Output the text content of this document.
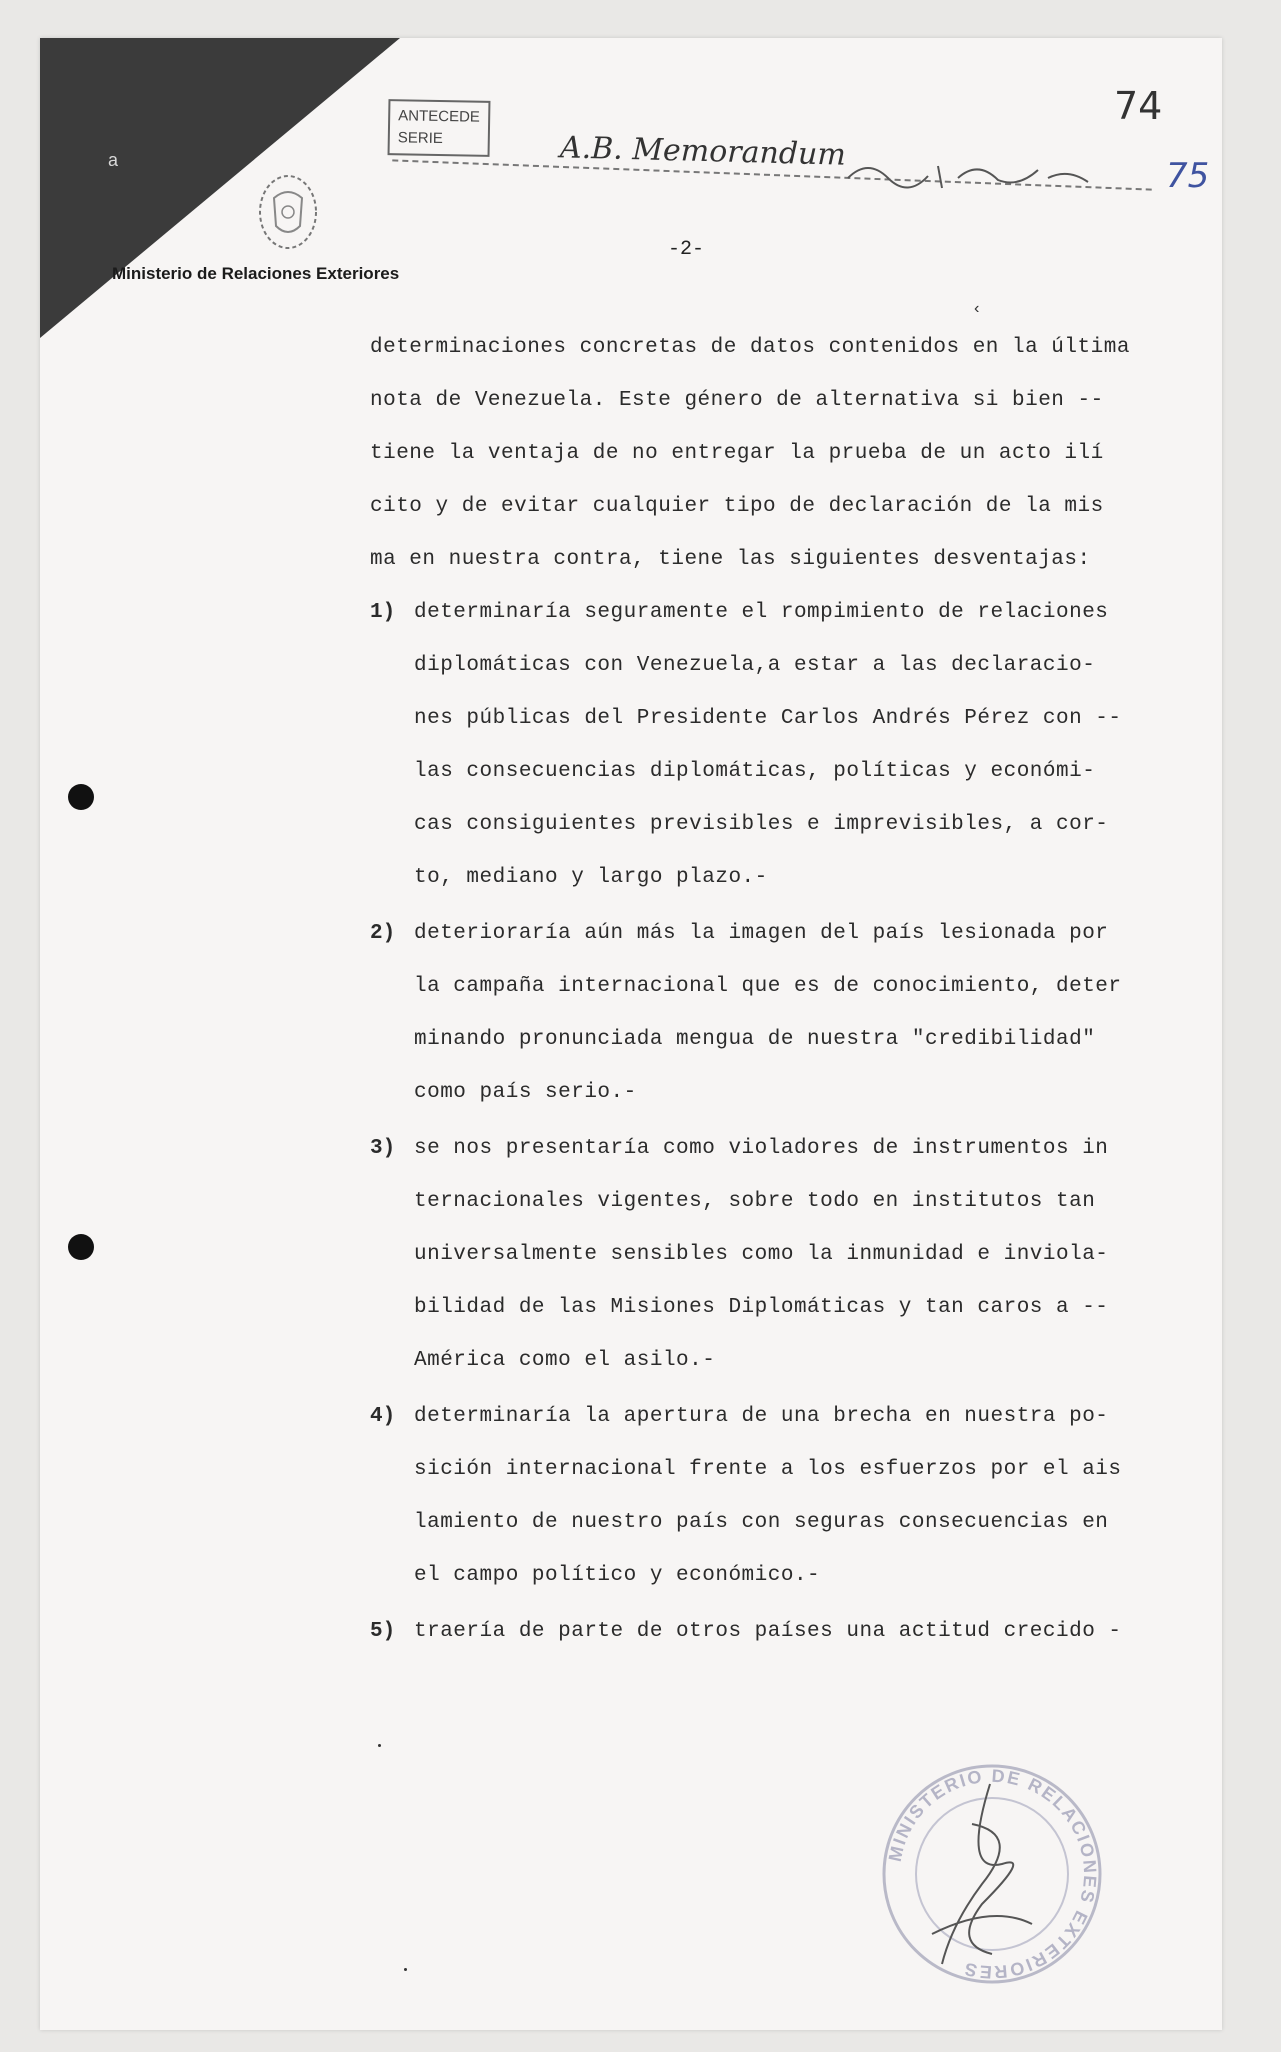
a
Ministerio de Relaciones Exteriores
ANTECEDE
SERIE	A.B. Memorandum
74
75
-2-
‹
determinaciones concretas de datos contenidos en la última
nota de Venezuela. Este género de alternativa si bien --
tiene la ventaja de no entregar la prueba de un acto ilí
cito y de evitar cualquier tipo de declaración de la mis
ma en nuestra contra, tiene las siguientes desventajas:
1) determinaría seguramente el rompimiento de relaciones
diplomáticas con Venezuela,a estar a las declaracio-
nes públicas del Presidente Carlos Andrés Pérez con --
las consecuencias diplomáticas, políticas y económi-
cas consiguientes previsibles e imprevisibles, a cor-
to, mediano y largo plazo.-
2) deterioraría aún más la imagen del país lesionada por
la campaña internacional que es de conocimiento, deter
minando pronunciada mengua de nuestra "credibilidad"
como país serio.-
3) se nos presentaría como violadores de instrumentos in
ternacionales vigentes, sobre todo en institutos tan
universalmente sensibles como la inmunidad e inviola-
bilidad de las Misiones Diplomáticas y tan caros a --
América como el asilo.-
4) determinaría la apertura de una brecha en nuestra po-
sición internacional frente a los esfuerzos por el ais
lamiento de nuestro país con seguras consecuencias en
el campo político y económico.-
5) traería de parte de otros países una actitud crecido -
MINISTERIO DE RELACIONES EXTERIORES
